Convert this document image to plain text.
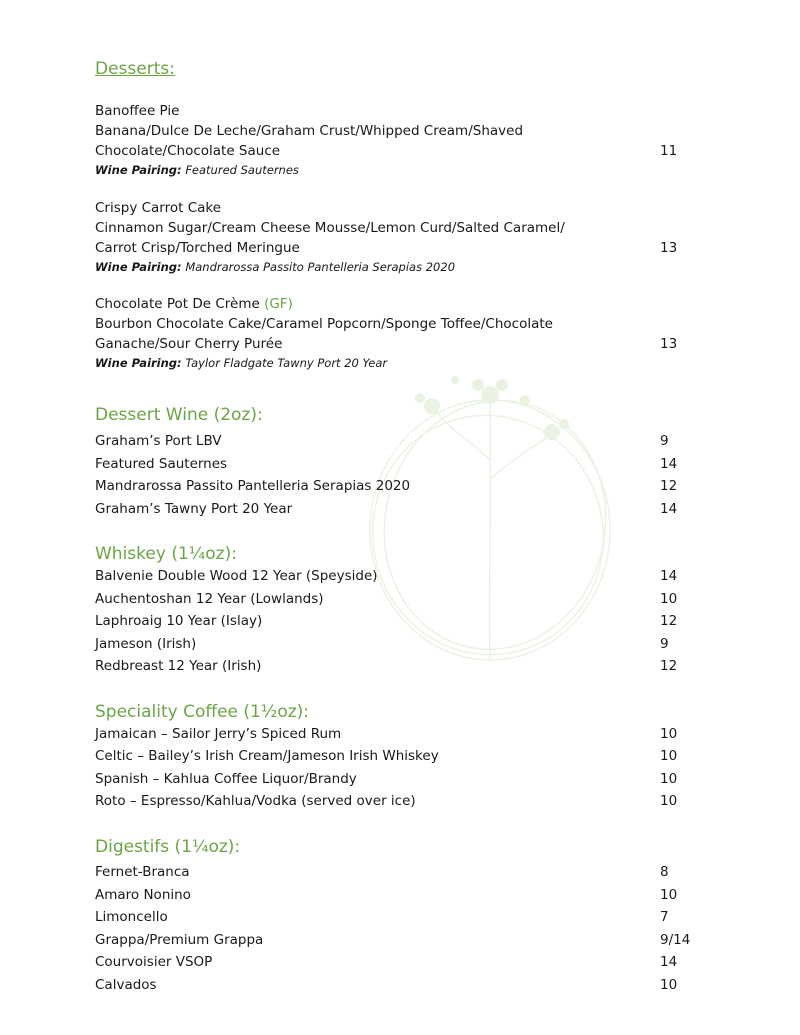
Desserts:
Banoffee Pie
Banana/Dulce De Leche/Graham Crust/Whipped Cream/Shaved
Chocolate/Chocolate Sauce	11
Wine Pairing: Featured Sauternes
Crispy Carrot Cake
Cinnamon Sugar/Cream Cheese Mousse/Lemon Curd/Salted Caramel/
Carrot Crisp/Torched Meringue	13
Wine Pairing: Mandrarossa Passito Pantelleria Serapias 2020
Chocolate Pot De Crème (GF)
Bourbon Chocolate Cake/Caramel Popcorn/Sponge Toffee/Chocolate
Ganache/Sour Cherry Purée	13
Wine Pairing: Taylor Fladgate Tawny Port 20 Year
Dessert Wine (2oz):
Graham’s Port LBV	9
Featured Sauternes	14
Mandrarossa Passito Pantelleria Serapias 2020	12
Graham’s Tawny Port 20 Year	14
Whiskey (1¼oz):
Balvenie Double Wood 12 Year (Speyside)	14
Auchentoshan 12 Year (Lowlands)	10
Laphroaig 10 Year (Islay)	12
Jameson (Irish)	9
Redbreast 12 Year (Irish)	12
Speciality Coffee (1½oz):
Jamaican – Sailor Jerry’s Spiced Rum	10
Celtic – Bailey’s Irish Cream/Jameson Irish Whiskey	10
Spanish – Kahlua Coffee Liquor/Brandy	10
Roto – Espresso/Kahlua/Vodka (served over ice)	10
Digestifs (1¼oz):
Fernet-Branca	8
Amaro Nonino	10
Limoncello	7
Grappa/Premium Grappa	9/14
Courvoisier VSOP	14
Calvados	10
